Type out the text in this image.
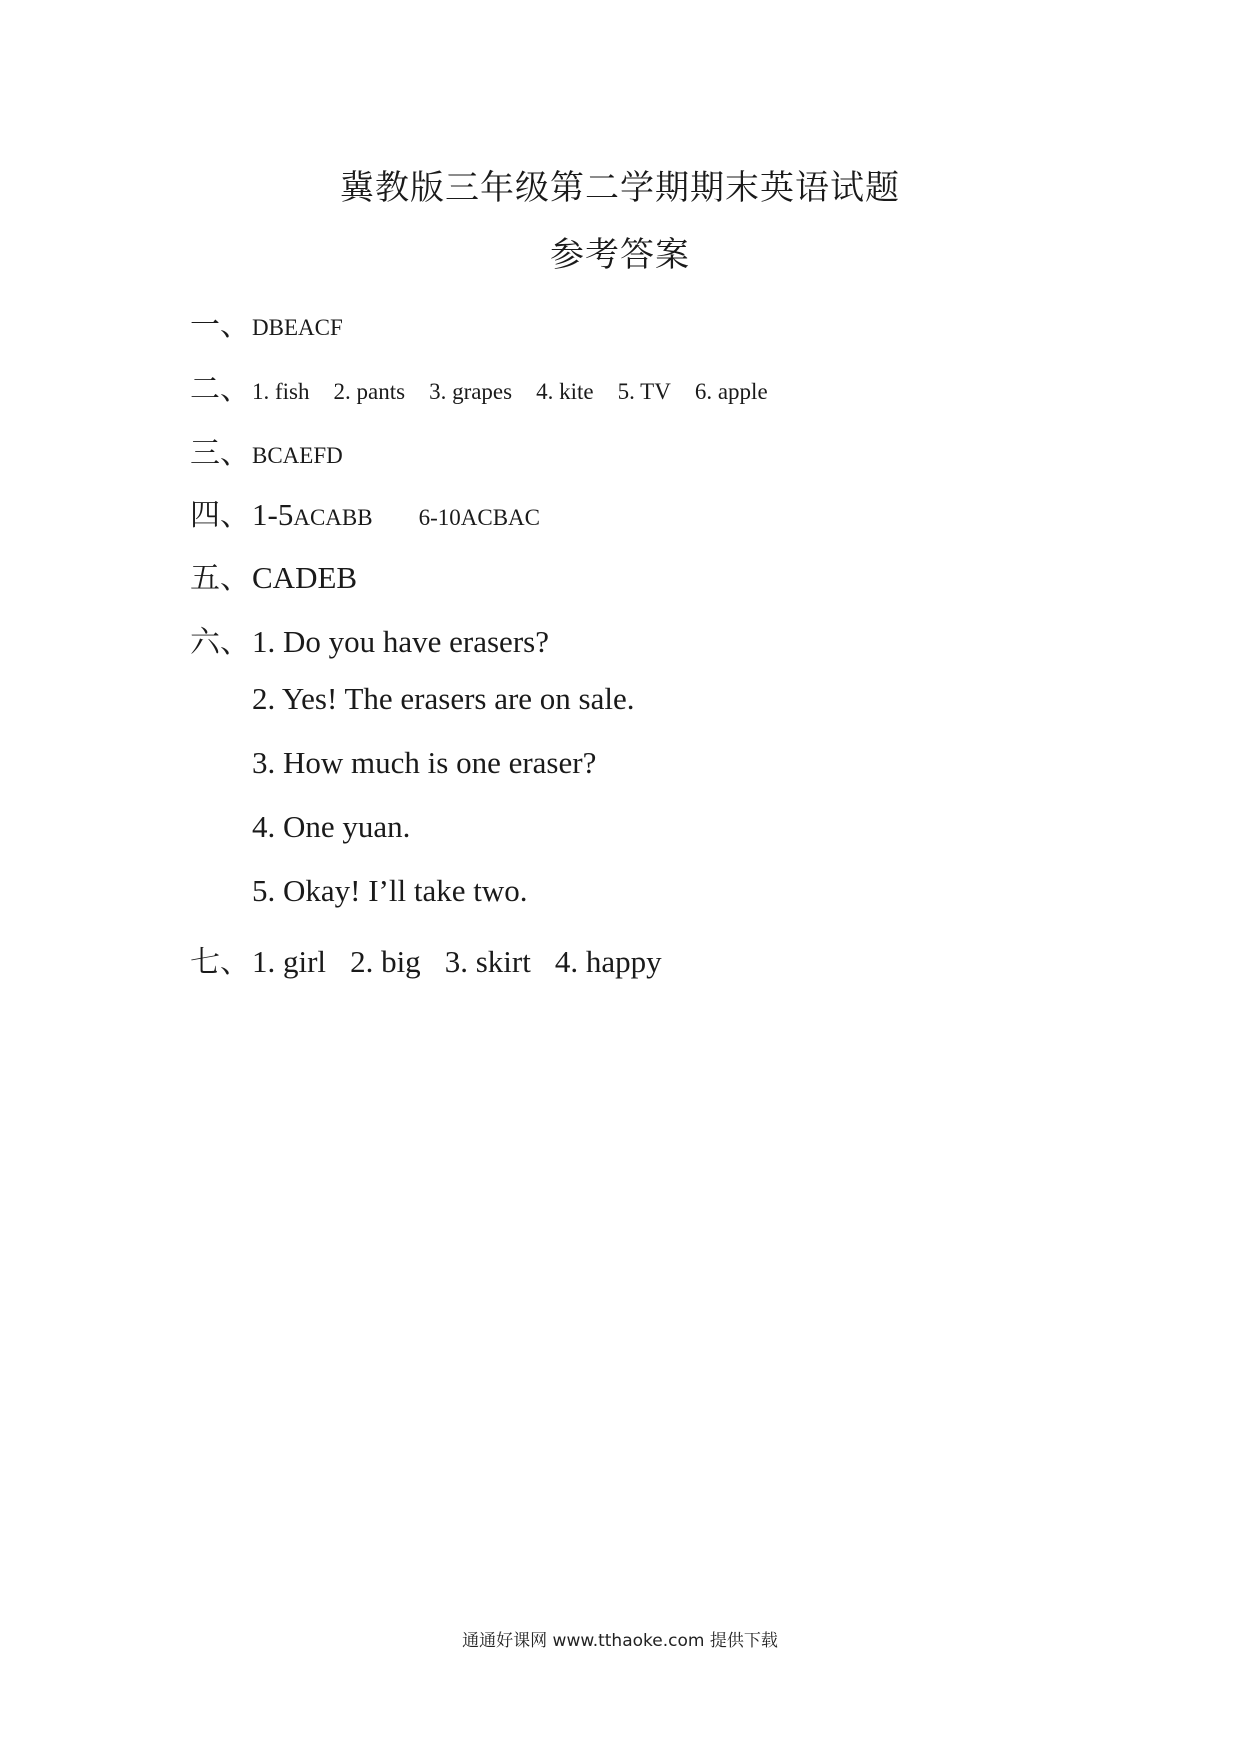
冀教版三年级第二学期期末英语试题
参考答案
一、DBEACF
二、1. fish 2. pants 3. grapes 4. kite 5. TV 6. apple
三、BCAEFD
四、1-5ACABB 6-10ACBAC
五、CADEB
六、1. Do you have erasers?
2. Yes! The erasers are on sale.
3. How much is one eraser?
4. One yuan.
5. Okay! I’ll take two.
七、1. girl 2. big 3. skirt 4. happy
通通好课网 www.tthaoke.com 提供下载
